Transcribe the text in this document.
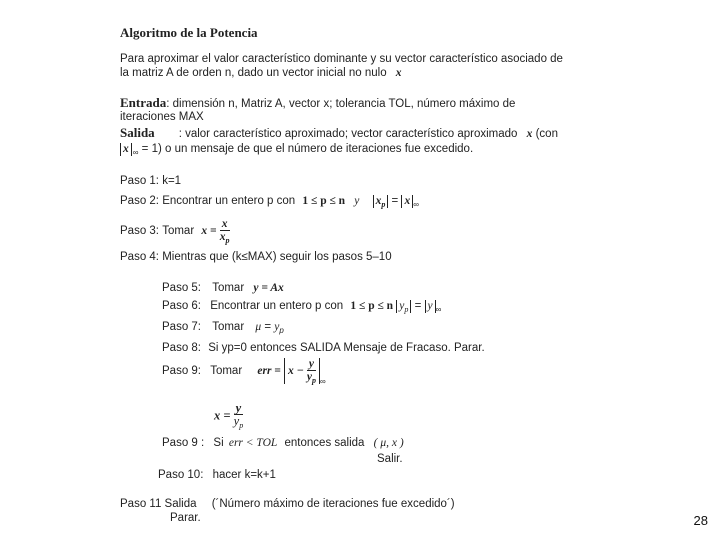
Algoritmo de la Potencia
Para aproximar el valor característico dominante y su vector característico asociado de
la matriz A de orden n, dado un vector inicial no nulo x
Entrada: dimensión n, Matriz A, vector x; tolerancia TOL, número máximo de
iteraciones MAX
Salida : valor característico aproximado; vector característico aproximado x (con
x $_\infty$ = 1) o un mensaje de que el número de iteraciones fue excedido.
Paso 1: k=1
Paso 2: Encontrar un entero p con 1 ≤ p ≤ n y $x_p = x$ $_\infty$
Paso 3: Tomar $x = \frac{x}{x_p}$
Paso 4: Mientras que (k≤MAX) seguir los pasos 5–10
Paso 5: Tomar y = Ax
Paso 6: Encontrar un entero p con 1 ≤ p ≤ n $y_p = y$ $_\infty$
Paso 7: Tomar $\mu = y_p$
Paso 8: Si yp=0 entonces SALIDA Mensaje de Fracaso. Parar.
Paso 9: Tomar err = $x - \frac{y}{y_p} _\infty$
$x = \frac{y}{y_p}$
Paso 9 : Si err < TOL entonces salida ( μ, x )
Salir.
Paso 10: hacer k=k+1
Paso 11 Salida (´Número máximo de iteraciones fue excedido´)
Parar.	28
